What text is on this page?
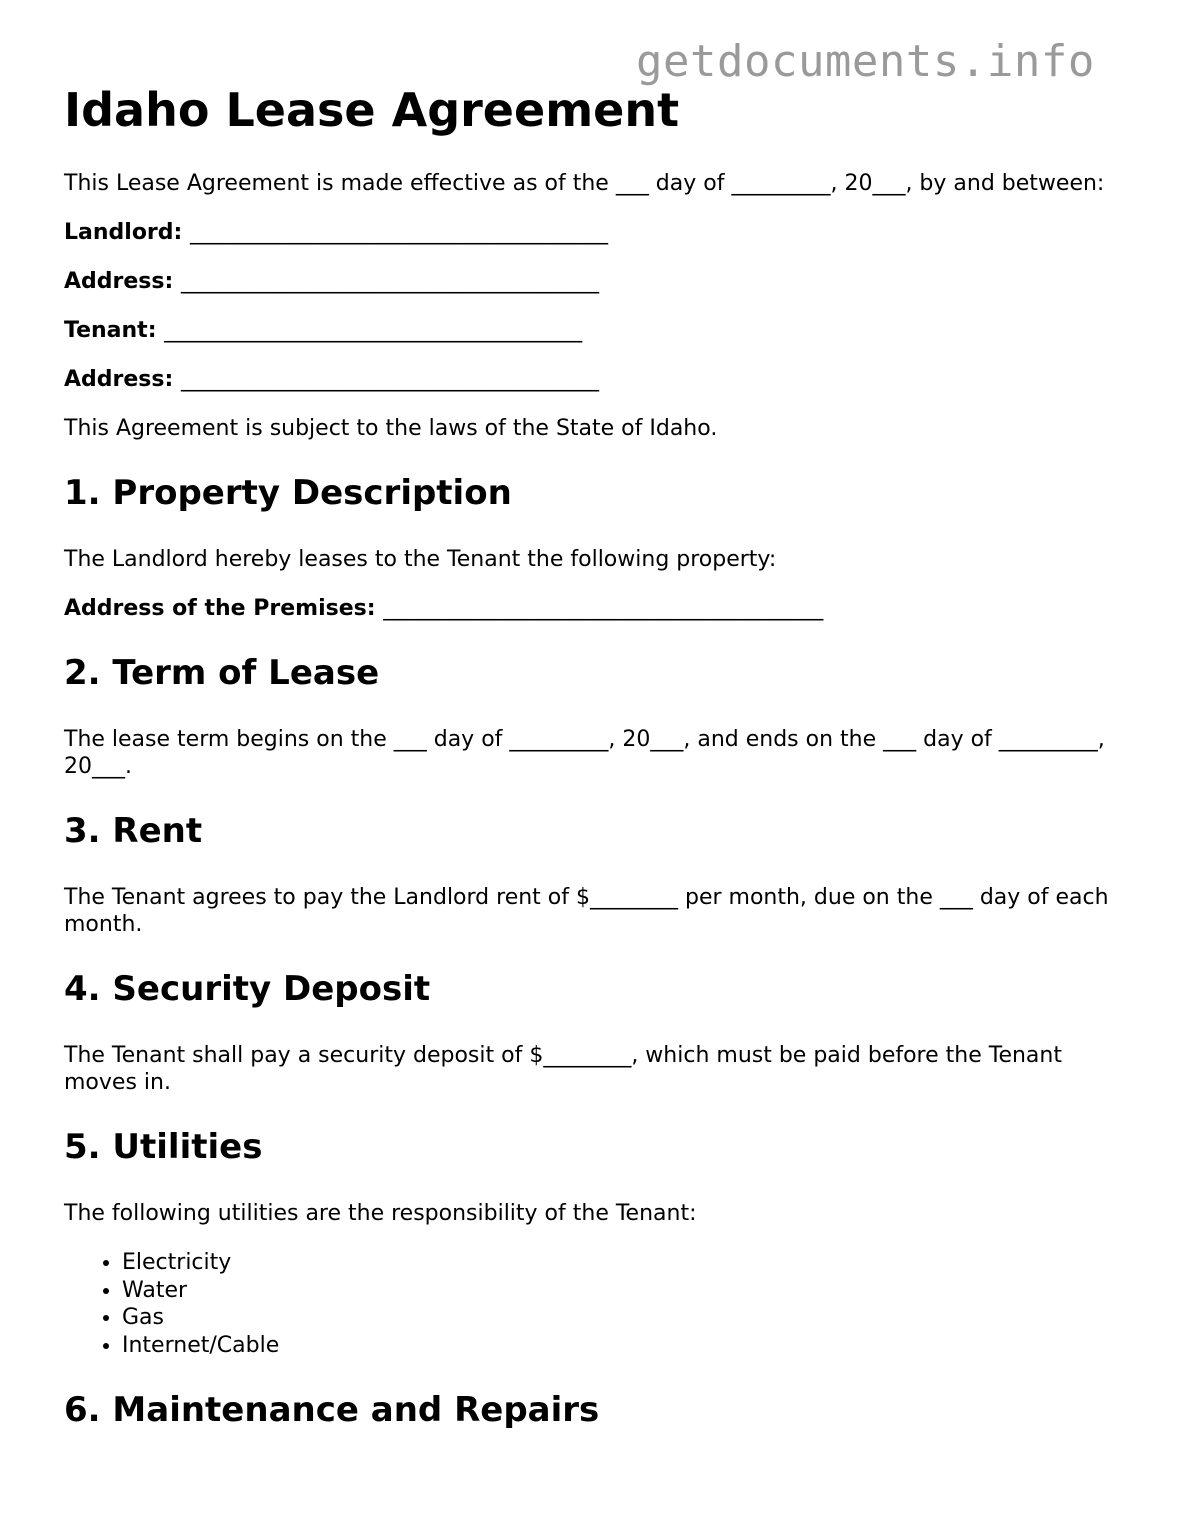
getdocuments.info
Idaho Lease Agreement

This Lease Agreement is made effective as of the ___ day of _________, 20___, by and between:

Landlord: ______________________________________

Address: ______________________________________

Tenant: ______________________________________

Address: ______________________________________

This Agreement is subject to the laws of the State of Idaho.

1. Property Description

The Landlord hereby leases to the Tenant the following property:

Address of the Premises: ________________________________________

2. Term of Lease

The lease term begins on the ___ day of _________, 20___, and ends on the ___ day of _________, 20___.

3. Rent

The Tenant agrees to pay the Landlord rent of $________ per month, due on the ___ day of each month.

4. Security Deposit

The Tenant shall pay a security deposit of $________, which must be paid before the Tenant moves in.

5. Utilities

The following utilities are the responsibility of the Tenant:

• Electricity
• Water
• Gas
• Internet/Cable
6. Maintenance and Repairs
